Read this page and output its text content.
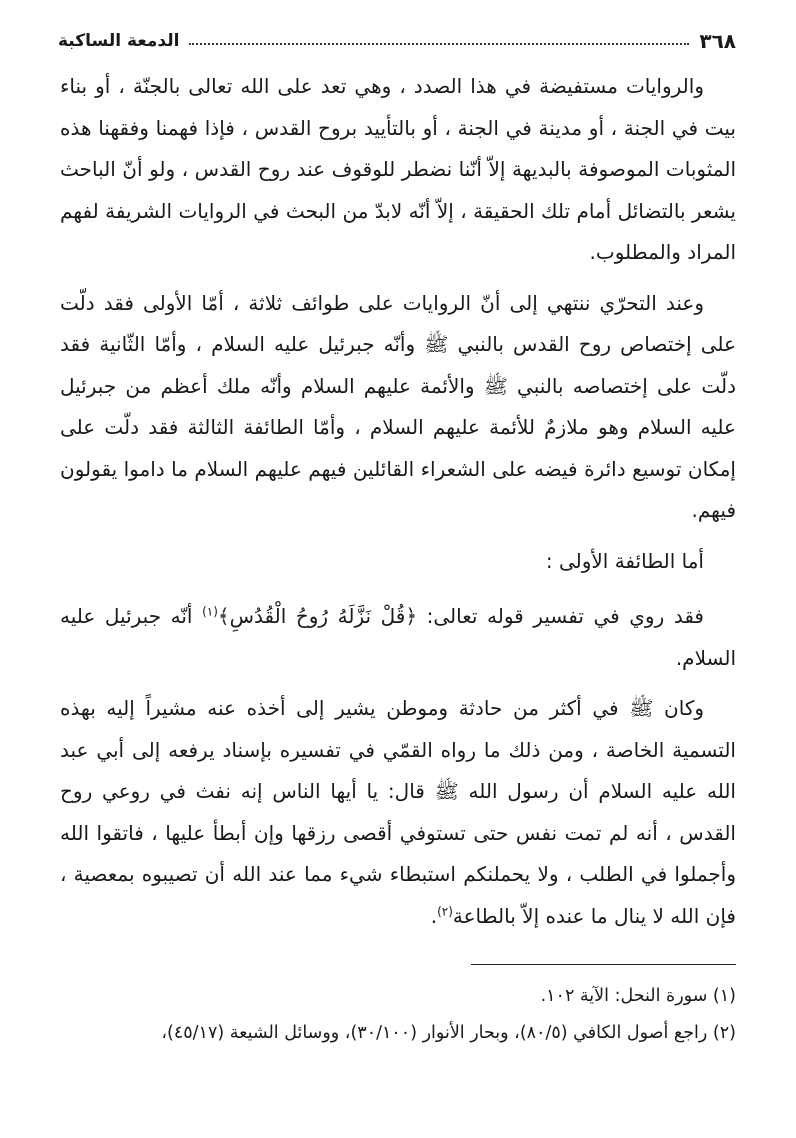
٣٦٨
الدمعة الساكبة

والروايات مستفيضة في هذا الصدد ، وهي تعد على الله تعالى بالجنّة ، أو بناء بيت في الجنة ، أو مدينة في الجنة ، أو بالتأييد بروح القدس ، فإذا فهمنا وفقهنا هذه المثوبات الموصوفة بالبديهة إلاّ أنّنا نضطر للوقوف عند روح القدس ، ولو أنّ الباحث يشعر بالتضائل أمام تلك الحقيقة ، إلاّ أنّه لابدّ من البحث في الروايات الشريفة لفهم المراد والمطلوب.

وعند التحرّي ننتهي إلى أنّ الروايات على طوائف ثلاثة ، أمّا الأولى فقد دلّت على إختصاص روح القدس بالنبي ﷺ وأنّه جبرئيل عليه السلام ، وأمّا الثّانية فقد دلّت على إختصاصه بالنبي ﷺ والأئمة عليهم السلام وأنّه ملك أعظم من جبرئيل عليه السلام وهو ملازمٌ للأئمة عليهم السلام ، وأمّا الطائفة الثالثة فقد دلّت على إمكان توسيع دائرة فيضه على الشعراء القائلين فيهم عليهم السلام ما داموا يقولون فيهم.

أما الطائفة الأولى :

فقد روي في تفسير قوله تعالى: ﴿قُلْ نَزَّلَهُ رُوحُ الْقُدُسِ﴾$^{(١)}$ أنّه جبرئيل عليه السلام.

وكان ﷺ في أكثر من حادثة وموطن يشير إلى أخذه عنه مشيراً إليه بهذه التسمية الخاصة ، ومن ذلك ما رواه القمّي في تفسيره بإسناد يرفعه إلى أبي عبد الله عليه السلام أن رسول الله ﷺ قال: يا أيها الناس إنه نفث في روعي روح القدس ، أنه لم تمت نفس حتى تستوفي أقصى رزقها وإن أبطأ عليها ، فاتقوا الله وأجملوا في الطلب ، ولا يحملنكم استبطاء شيء مما عند الله أن تصيبوه بمعصية ، فإن الله لا ينال ما عنده إلاّ بالطاعة$^{(٢)}$.

(١) سورة النحل: الآية ١٠٢.

(٢) راجع أصول الكافي (٨٠/٥)، وبحار الأنوار (٣٠/١٠٠)، ووسائل الشيعة (٤٥/١٧)،
